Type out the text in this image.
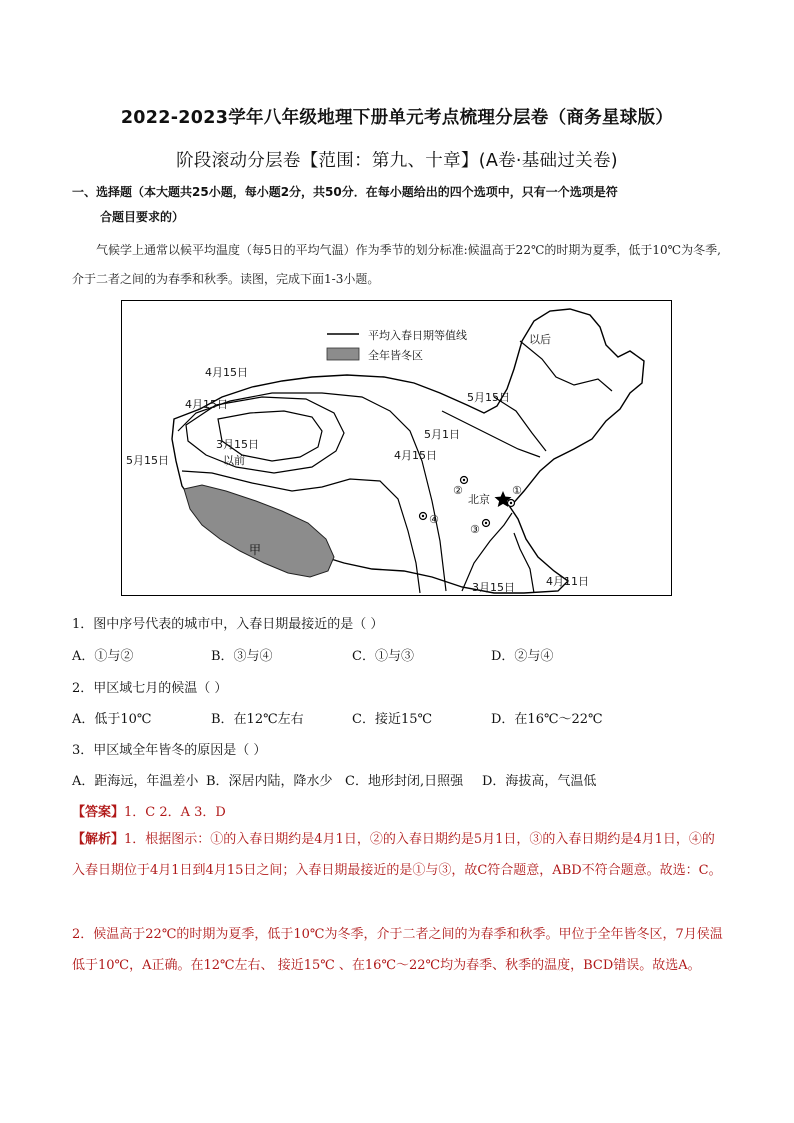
2022-2023学年八年级地理下册单元考点梳理分层卷（商务星球版）
阶段滚动分层卷【范围：第九、十章】(A卷·基础过关卷)
一、选择题（本大题共25小题，每小题2分，共50分．在每小题给出的四个选项中，只有一个选项是符
合题目要求的）
气候学上通常以候平均温度（每5日的平均气温）作为季节的划分标准:候温高于22℃的时期为夏季，低于10℃为冬季,介于二者之间的为春季和秋季。读图，完成下面1-3小题。
平均入春日期等值线
全年皆冬区
以后
4月15日
4月15日
5月15日
3月15日
以前
5月1日
5月15日	4月15日
②
北京
①
④
③
甲
4月11日
3月15日
1．图中序号代表的城市中，入春日期最接近的是（ ）
A．①与②	B．③与④	C．①与③	D．②与④
2．甲区域七月的候温（ ）
A．低于10℃	B．在12℃左右	C．接近15℃	D．在16℃～22℃
3．甲区域全年皆冬的原因是（ ）
A．距海远，年温差小 B．深居内陆，降水少 C．地形封闭,日照强 D．海拔高，气温低
【答案】1．C 2．A 3．D
【解析】1．根据图示：①的入春日期约是4月1日，②的入春日期约是5月1日，③的入春日期约是4月1日，④的入春日期位于4月1日到4月15日之间；入春日期最接近的是①与③，故C符合题意，ABD不符合题意。故选：C。
2．候温高于22℃的时期为夏季，低于10℃为冬季，介于二者之间的为春季和秋季。甲位于全年皆冬区，7月侯温低于10℃，A正确。在12℃左右、 接近15℃ 、在16℃～22℃均为春季、秋季的温度，BCD错误。故选A。
